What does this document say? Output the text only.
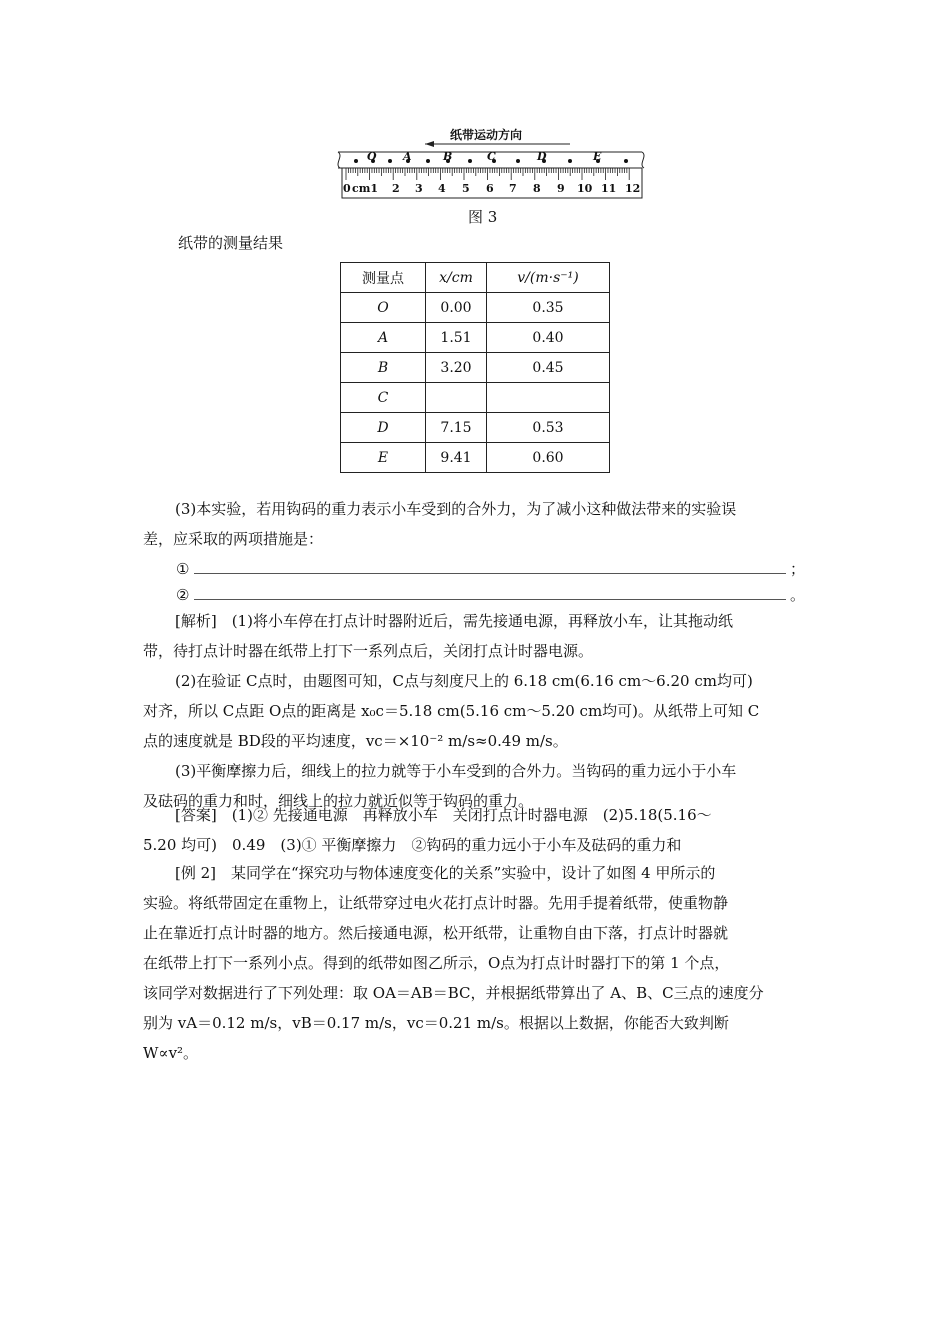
纸带运动方向
O A	B	C	D	E
0 cm1 2 3 4 5 6 7 8 9 10 11 12
图 3
纸带的测量结果
测量点	x/cm	v/(m·s⁻¹)
O	0.00	0.35
A	1.51	0.40
B	3.20	0.45
C		
D	7.15	0.53
E	9.41	0.60
(3)本实验，若用钩码的重力表示小车受到的合外力，为了减小这种做法带来的实验误
差，应采取的两项措施是：
①	；
②	。
[解析]　(1)将小车停在打点计时器附近后，需先接通电源，再释放小车，让其拖动纸
带，待打点计时器在纸带上打下一系列点后，关闭打点计时器电源。
(2)在验证 C点时，由题图可知，C点与刻度尺上的 6.18 cm(6.16 cm～6.20 cm均可)
对齐，所以 C点距 O点的距离是 x₀c＝5.18 cm(5.16 cm～5.20 cm均可)。从纸带上可知 C
点的速度就是 BD段的平均速度，vc＝×10⁻² m/s≈0.49 m/s。
(3)平衡摩擦力后，细线上的拉力就等于小车受到的合外力。当钩码的重力远小于小车
及砝码的重力和时，细线上的拉力就近似等于钩码的重力。
[答案]　(1)② 先接通电源　再释放小车　关闭打点计时器电源　(2)5.18(5.16～
5.20 均可)　0.49　(3)① 平衡摩擦力　②钩码的重力远小于小车及砝码的重力和
[例 2]　某同学在“探究功与物体速度变化的关系”实验中，设计了如图 4 甲所示的
实验。将纸带固定在重物上，让纸带穿过电火花打点计时器。先用手提着纸带，使重物静
止在靠近打点计时器的地方。然后接通电源，松开纸带，让重物自由下落，打点计时器就
在纸带上打下一系列小点。得到的纸带如图乙所示，O点为打点计时器打下的第 1 个点，
该同学对数据进行了下列处理：取 OA＝AB＝BC，并根据纸带算出了 A、B、C三点的速度分
别为 vA＝0.12 m/s，vB＝0.17 m/s，vc＝0.21 m/s。根据以上数据，你能否大致判断
W∝v²。
